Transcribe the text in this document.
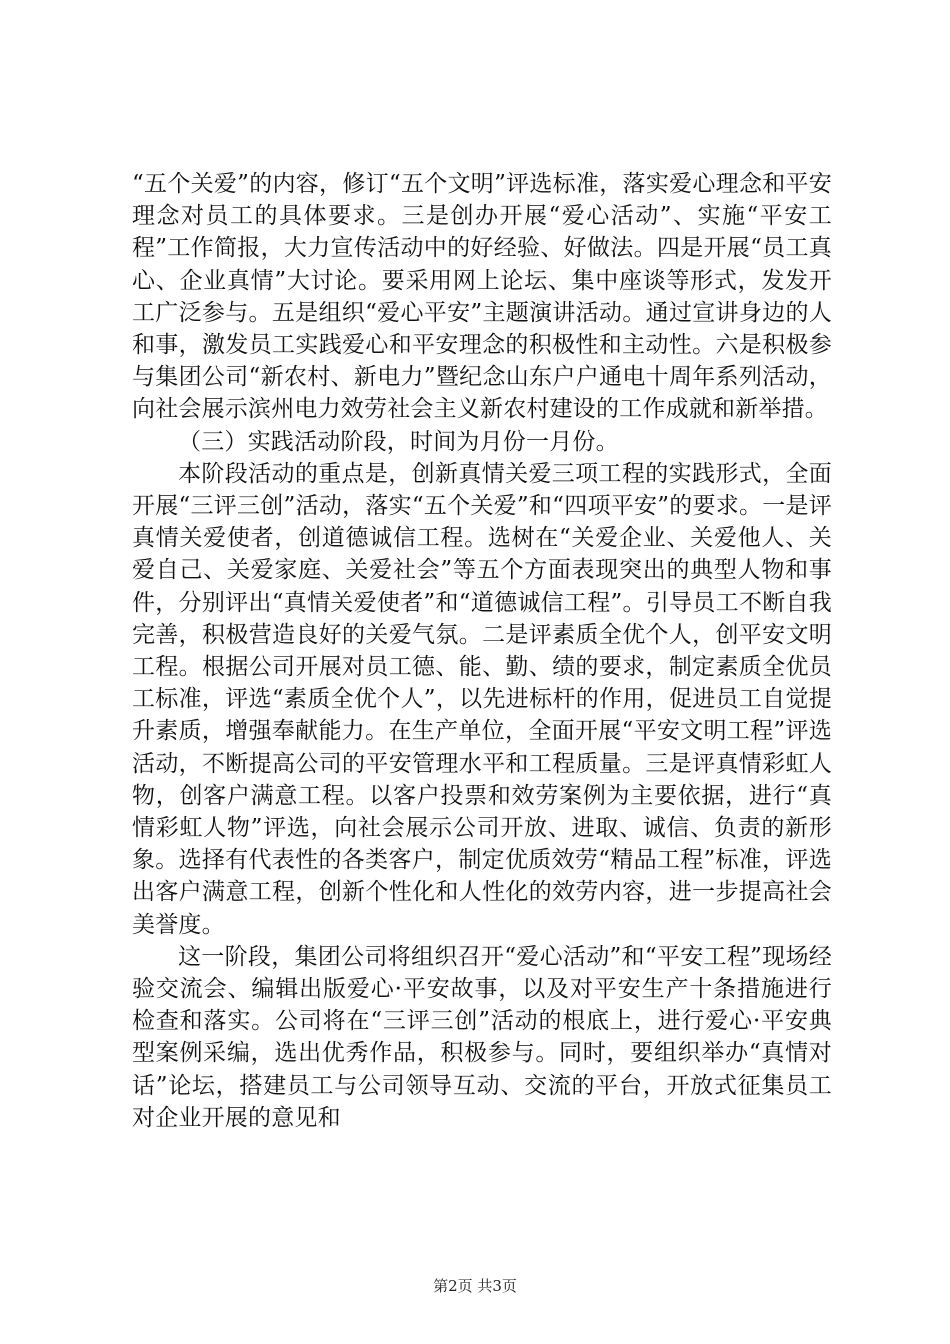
“五个关爱”的内容，修订“五个文明”评选标准，落实爱心理念和平安理念对员工的具体要求。三是创办开展“爱心活动”、实施“平安工程”工作简报，大力宣传活动中的好经验、好做法。四是开展“员工真心、企业真情”大讨论。要采用网上论坛、集中座谈等形式，发发开工广泛参与。五是组织“爱心平安”主题演讲活动。通过宣讲身边的人和事，激发员工实践爱心和平安理念的积极性和主动性。六是积极参与集团公司“新农村、新电力”暨纪念山东户户通电十周年系列活动，向社会展示滨州电力效劳社会主义新农村建设的工作成就和新举措。

（三）实践活动阶段，时间为月份一月份。

本阶段活动的重点是，创新真情关爱三项工程的实践形式，全面开展“三评三创”活动，落实“五个关爱”和“四项平安”的要求。一是评真情关爱使者，创道德诚信工程。选树在“关爱企业、关爱他人、关爱自己、关爱家庭、关爱社会”等五个方面表现突出的典型人物和事件，分别评出“真情关爱使者”和“道德诚信工程”。引导员工不断自我完善，积极营造良好的关爱气氛。二是评素质全优个人，创平安文明工程。根据公司开展对员工德、能、勤、绩的要求，制定素质全优员工标准，评选“素质全优个人”，以先进标杆的作用，促进员工自觉提升素质，增强奉献能力。在生产单位，全面开展“平安文明工程”评选活动，不断提高公司的平安管理水平和工程质量。三是评真情彩虹人物，创客户满意工程。以客户投票和效劳案例为主要依据，进行“真情彩虹人物”评选，向社会展示公司开放、进取、诚信、负责的新形象。选择有代表性的各类客户，制定优质效劳“精品工程”标准，评选出客户满意工程，创新个性化和人性化的效劳内容，进一步提高社会美誉度。

这一阶段，集团公司将组织召开“爱心活动”和“平安工程”现场经验交流会、编辑出版爱心·平安故事，以及对平安生产十条措施进行检查和落实。公司将在“三评三创”活动的根底上，进行爱心·平安典型案例采编，选出优秀作品，积极参与。同时，要组织举办“真情对话”论坛，搭建员工与公司领导互动、交流的平台，开放式征集员工对企业开展的意见和

第2页 共3页
